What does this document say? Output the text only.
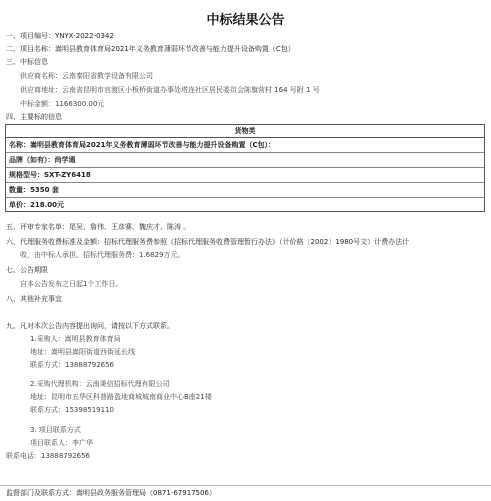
中标结果公告
一、项目编号：YNYX-2022-0342
二、项目名称：嵩明县教育体育局2021年义务教育薄弱环节改善与能力提升设备购置（C包）
三、中标信息
供应商名称：云南秦阳省教学设备有限公司
供应商地址：云南省昆明市官渡区小板桥街道办事处塔连社区居民委员会陈旗营村 164 号附 1 号
中标金额：1166300.00元
四、主要标的信息
货物类
名称：嵩明县教育体育局2021年义务教育薄弱环节改善与能力提升设备购置（C包）：
品牌（如有）：尚学通
规格型号：SXT-ZY6418
数量：5350 套
单价：218.00元
五、评审专家名单：尾吴、詹伟、王彦赛、魏庆才、陈涛 。
六、代理服务收费标准及金额：招标代理服务费参照《招标代理服务收费管理暂行办法》（计价格〔2002〕1980号文）计费办法计
收，由中标人承担。招标代理服务费：1.6829万元。
七、公告期限
自本公告发布之日起1个工作日。
八、其他补充事宜
九、凡对本次公告内容提出询问，请按以下方式联系。
1.采购人：嵩明县教育体育局
地址：嵩明县嵩阳街道西街延长线
联系方式：13888792656
2.采购代理机构：云南秉信招标代理有限公司
地址：昆明市五华区科普路盈地商城城南商业中心B座21楼
联系方式：15398519110
3. 项目联系方式
项目联系人：李广华
联系电话：13888792656
监督部门及联系方式：嵩明县政务服务管理局（0871-67917506）
